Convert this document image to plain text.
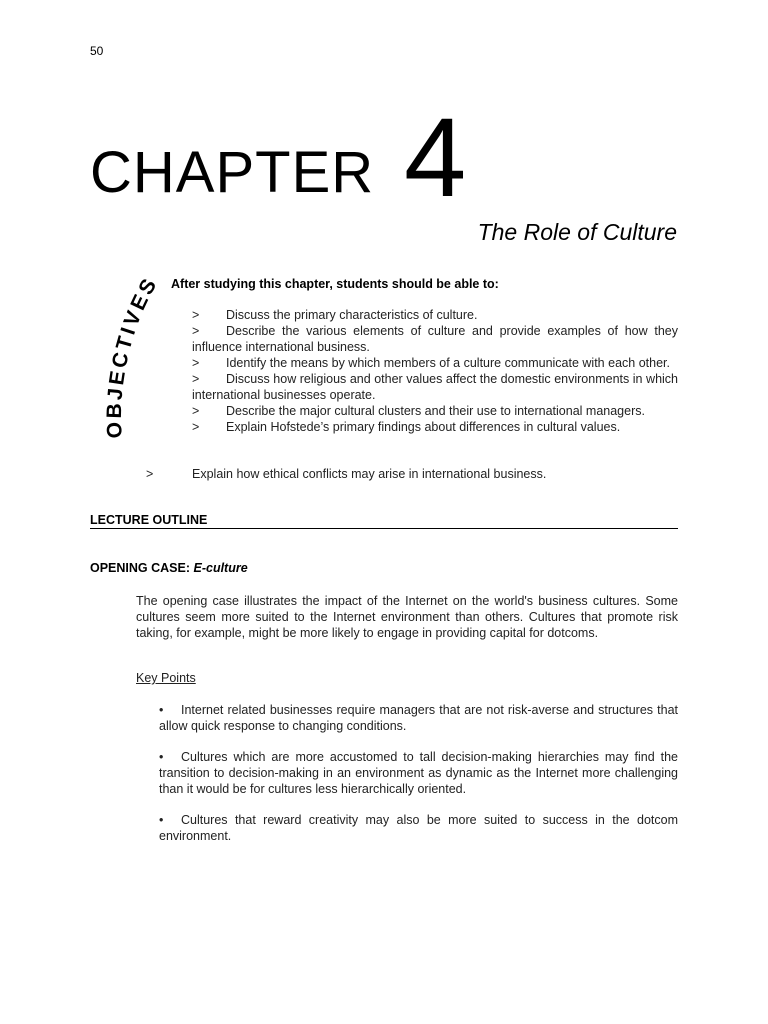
50
CHAPTER 4
The Role of Culture
OBJECTIVES After studying this chapter, students should be able to:
> Discuss the primary characteristics of culture.
> Describe the various elements of culture and provide examples of how they influence international business.
> Identify the means by which members of a culture communicate with each other.
> Discuss how religious and other values affect the domestic environments in which international businesses operate.
> Describe the major cultural clusters and their use to international managers.
> Explain Hofstede’s primary findings about differences in cultural values.
>	Explain how ethical conflicts may arise in international business.
LECTURE OUTLINE
OPENING CASE: E-culture
The opening case illustrates the impact of the Internet on the world's business cultures. Some cultures seem more suited to the Internet environment than others. Cultures that promote risk taking, for example, might be more likely to engage in providing capital for dotcoms.
Key Points
• Internet related businesses require managers that are not risk-averse and structures that allow quick response to changing conditions.
• Cultures which are more accustomed to tall decision-making hierarchies may find the transition to decision-making in an environment as dynamic as the Internet more challenging than it would be for cultures less hierarchically oriented.
• Cultures that reward creativity may also be more suited to success in the dotcom environment.
